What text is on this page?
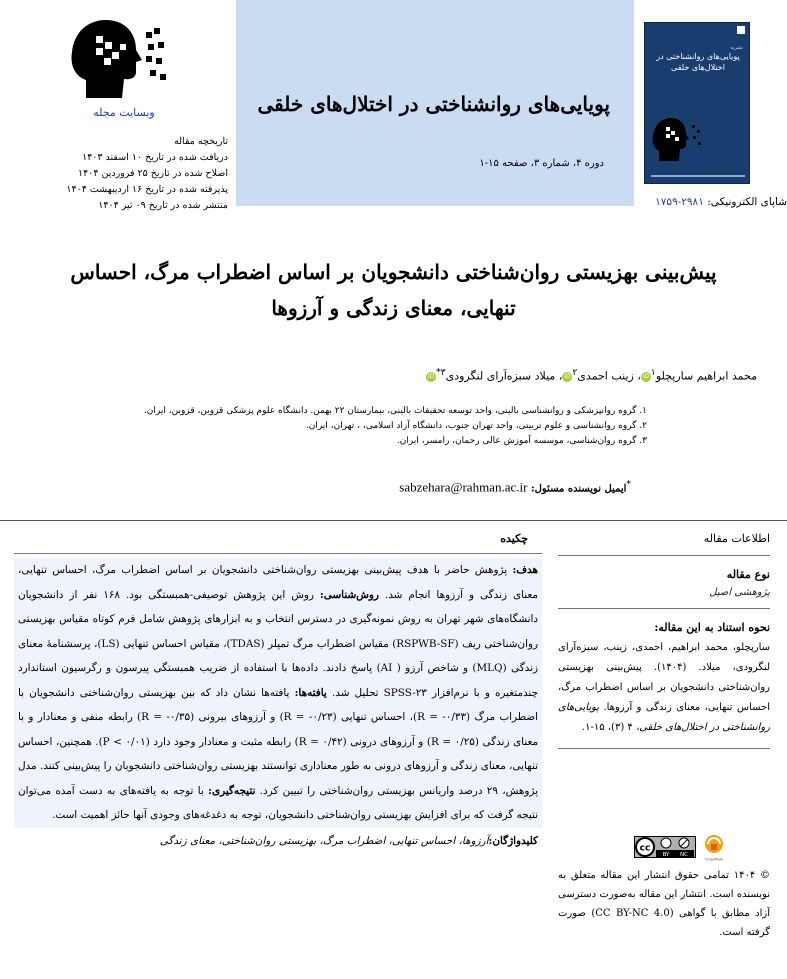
وبسایت مجله
تاریخچه مقاله
دریافت شده در تاریخ ۱۰ اسفند ۱۴۰۳
اصلاح شده در تاریخ ۲۵ فروردین ۱۴۰۴
پذیرفته شده در تاریخ ۱۶ اردیبهشت ۱۴۰۴
منتشر شده در تاریخ ۰۹ تیر ۱۴۰۴
پویایی‌های روانشناختی در اختلال‌های خلقی
دوره ۴، شماره ۳، صفحه ۱۵-۱
نشریه
پویایی‌های روانشناختی در اختلال‌های خلقی
شاپای الکترونیکی: ۲۹۸۱-۱۷۵۹
پیش‌بینی بهزیستی روان‌شناختی دانشجویان بر اساس اضطراب مرگ، احساس
تنهایی، معنای زندگی و آرزوها
محمد ابراهیم سارپچلو$^۱$iD، زینب احمدی$^۲$iD، میلاد سبزه‌آرای لنگرودی$^{۳*}$iD
۱. گروه روانپزشکی و روانشناسی بالینی، واحد توسعه تحقیقات بالینی، بیمارستان ۲۲ بهمن. دانشگاه علوم پزشکی قزوین، قزوین، ایران.
۲. گروه روانشناسی و علوم تربیتی، واحد تهران جنوب، دانشگاه آزاد اسلامی، ، تهران، ایران.
۳. گروه روان‌شناسی، موسسه آموزش عالی رحمان، رامسر، ایران.
*ایمیل نویسنده مسئول: sabzehara@rahman.ac.ir
اطلاعات مقاله
نوع مقاله
پژوهشی اصیل
نحوه استناد به این مقاله:
سارپچلو، محمد ابراهیم، احمدی، زینب، سبزه‌آرای لنگرودی، میلاد. (۱۴۰۴). پیش‌بینی بهزیستی روان‌شناختی دانشجویان بر اساس اضطراب مرگ، احساس تنهایی، معنای زندگی و آرزوها. پویایی‌های روانشناختی در اختلال‌های خلقی، ۴ (۳)، ۱۵-۱.
cc
BY NC
CrossMark
© ۱۴۰۴ تمامی حقوق انتشار این مقاله متعلق به نویسنده است. انتشار این مقاله به‌صورت دسترسی آزاد مطابق با گواهی (CC BY-NC 4.0) صورت گرفته است.
چکیده
هدف: پژوهش حاضر با هدف پیش‌بینی بهزیستی روان‌شناختی دانشجویان بر اساس اضطراب مرگ، احساس تنهایی، معنای زندگی و آرزوها انجام شد. روش‌شناسی: روش این پژوهش توصیفی-همبستگی بود. ۱۶۸ نفر از دانشجویان دانشگاه‌های شهر تهران به روش نمونه‌گیری در دسترس انتخاب و به ابزارهای پژوهش شامل فرم کوتاه مقیاس بهزیستی روان‌شناختی ریف (RSPWB-SF) مقیاس اضطراب مرگ تمپلر (TDAS)، مقیاس احساس تنهایی (LS)، پرسشنامهٔ معنای زندگی (MLQ) و شاخص آرزو ( AI) پاسخ دادند. داده‌ها با استفاده از ضریب همبستگی پیرسون و رگرسیون استاندارد چندمتغیره و با نرم‌افزار SPSS-۲۳ تحلیل شد. یافته‌ها: یافته‌ها نشان داد که بین بهزیستی روان‌شناختی دانشجویان با اضطراب مرگ (۰/۳۳- = R)، احساس تنهایی (۰/۲۳- = R) و آرزوهای بیرونی (۰/۳۵- = R) رابطه منفی و معنادار و با معنای زندگی (۰/۲۵ = R) و آرزوهای درونی (۰/۴۲ = R) رابطه مثبت و معنادار وجود دارد (P < ۰/۰۱). همچنین، احساس تنهایی، معنای زندگی و آرزوهای درونی به طور معناداری توانستند بهزیستی روان‌شناختی دانشجویان را پیش‌بینی کنند. مدل پژوهش، ۲۹ درصد واریانس بهزیستی روان‌شناختی را تبیین کرد. نتیجه‌گیری: با توجه به یافته‌های به دست آمده می‌توان نتیجه گرفت که برای افزایش بهزیستی روان‌شناختی دانشجویان، توجه به دغدغه‌های وجودی آنها حائز اهمیت است.
کلیدواژگان:آرزوها، احساس تنهایی، اضطراب مرگ، بهزیستی روان‌شناختی، معنای زندگی
